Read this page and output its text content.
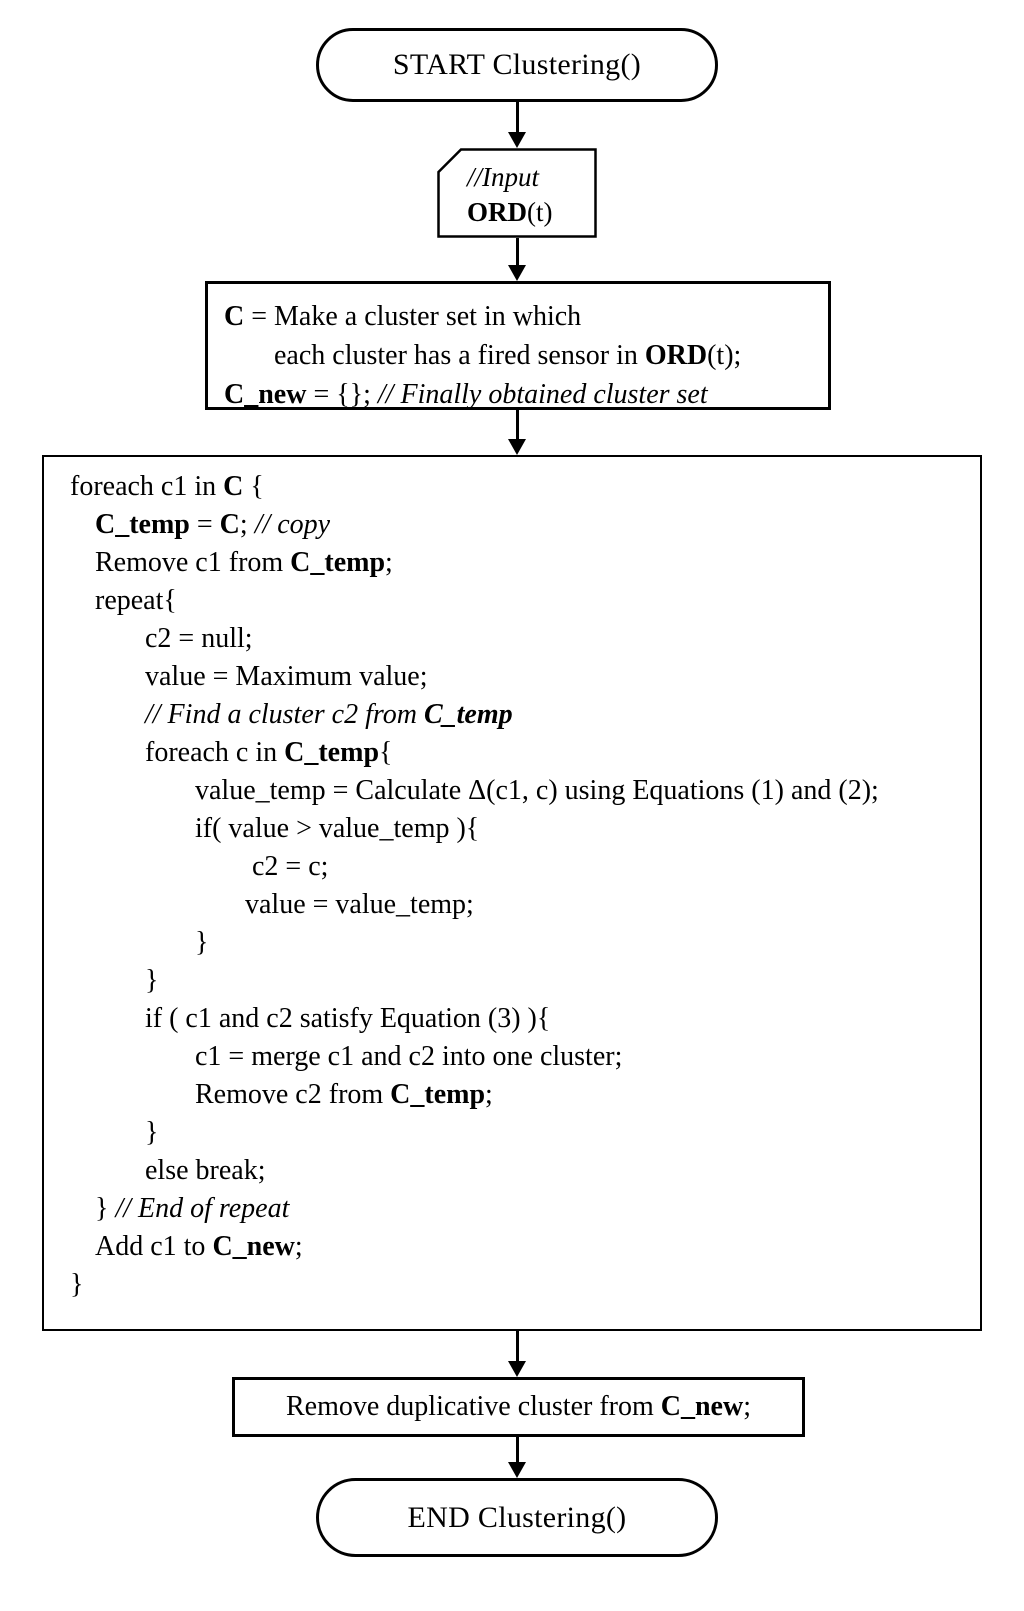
START Clustering()
//Input
ORD(t)
C = Make a cluster set in which
each cluster has a fired sensor in ORD(t);
C_new = {}; // Finally obtained cluster set
foreach c1 in C {
C_temp = C; // copy
Remove c1 from C_temp;
repeat{
c2 = null;
value = Maximum value;
// Find a cluster c2 from C_temp
foreach c in C_temp{
value_temp = Calculate Δ(c1, c) using Equations (1) and (2);
if( value > value_temp ){
c2 = c;
value = value_temp;
}
}
if ( c1 and c2 satisfy Equation (3) ){
c1 = merge c1 and c2 into one cluster;
Remove c2 from C_temp;
}
else break;
} // End of repeat
Add c1 to C_new;
}
Remove duplicative cluster from C_new;
END Clustering()
